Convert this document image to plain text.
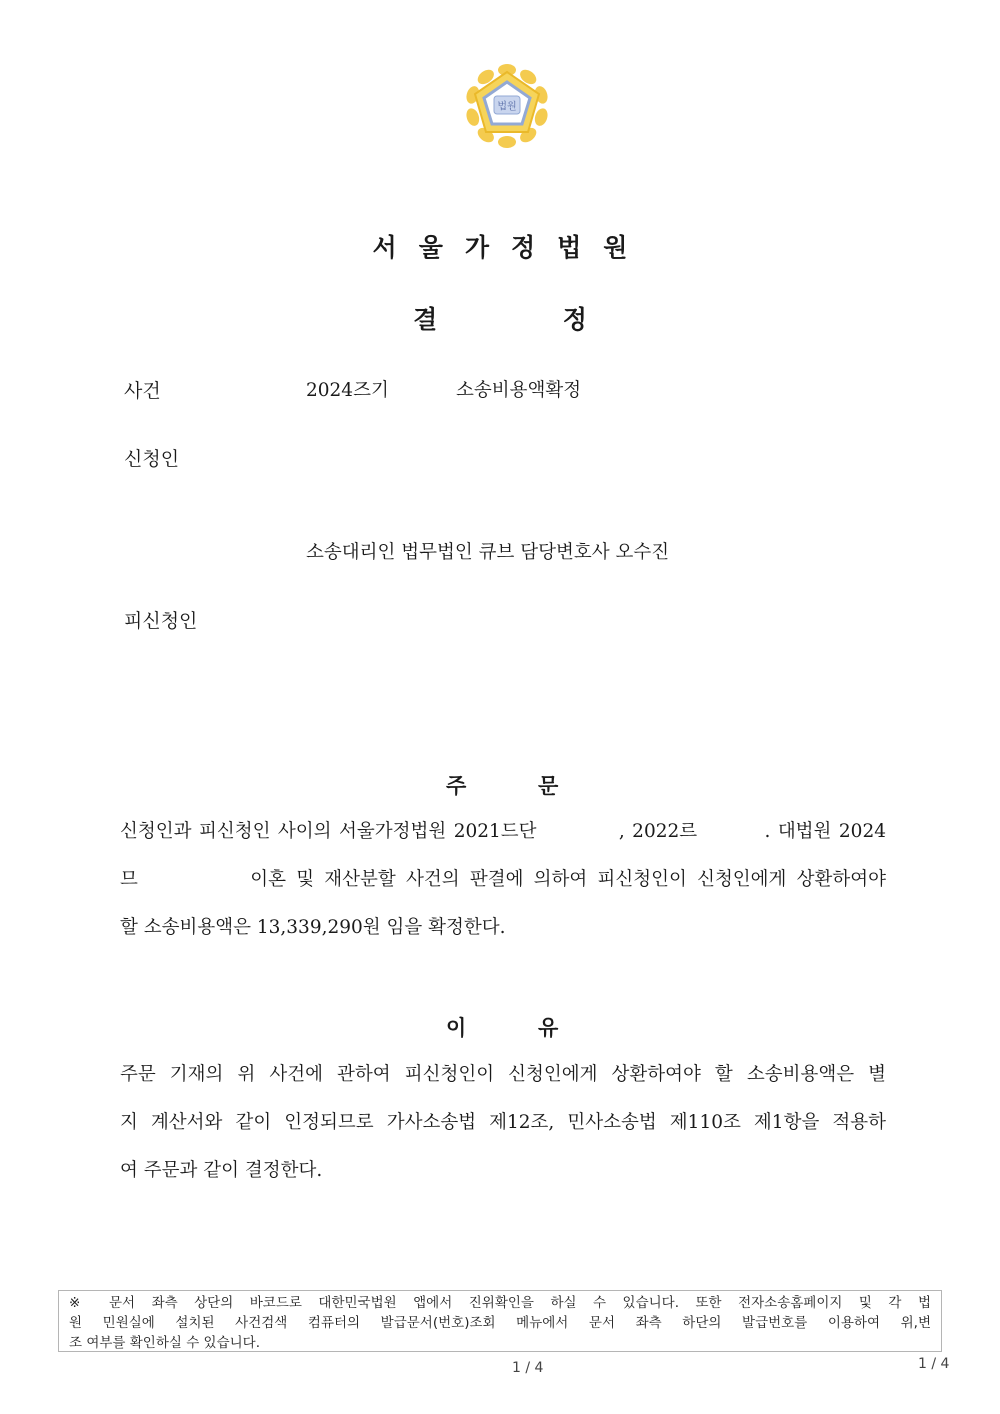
법원
서울가정법원
결	정
사건	2024즈기	소송비용액확정
신청인
소송대리인 법무법인 큐브 담당변호사 오수진
피신청인
주	문
신청인과 피신청인 사이의 서울가정법원 2021드단           , 2022르         . 대법원 2024
므           이혼 및 재산분할 사건의 판결에 의하여 피신청인이 신청인에게 상환하여야
할 소송비용액은 13,339,290원 임을 확정한다.
이	유
주문 기재의 위 사건에 관하여 피신청인이 신청인에게 상환하여야 할 소송비용액은 별
지 계산서와 같이 인정되므로 가사소송법 제12조, 민사소송법 제110조 제1항을 적용하
여 주문과 같이 결정한다.
※ 문서 좌측 상단의 바코드로 대한민국법원 앱에서 진위확인을 하실 수 있습니다. 또한 전자소송홈페이지 및 각 법
원 민원실에 설치된 사건검색 컴퓨터의 발급문서(번호)조회 메뉴에서 문서 좌측 하단의 발급번호를 이용하여 위,변
조 여부를 확인하실 수 있습니다.
1 / 4	1 / 4
